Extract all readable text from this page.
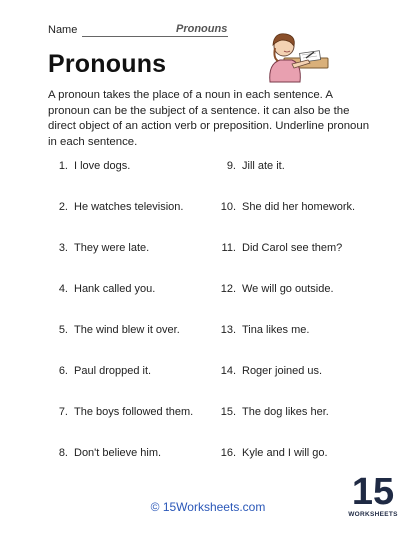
Name	Pronouns
Pronouns

A pronoun takes the place of a noun in each sentence. A pronoun can be the subject of a sentence. it can also be the direct object of an action verb or preposition. Underline pronoun in each sentence.

1. I love dogs.
2. He watches television.
3. They were late.
4. Hank called you.
5. The wind blew it over.
6. Paul dropped it.
7. The boys followed them.
8. Don't believe him.
9. Jill ate it.
10. She did her homework.
11. Did Carol see them?
12. We will go outside.
13. Tina likes me.
14. Roger joined us.
15. The dog likes her.
16. Kyle and I will go.
© 15Worksheets.com	15
WORKSHEETS
